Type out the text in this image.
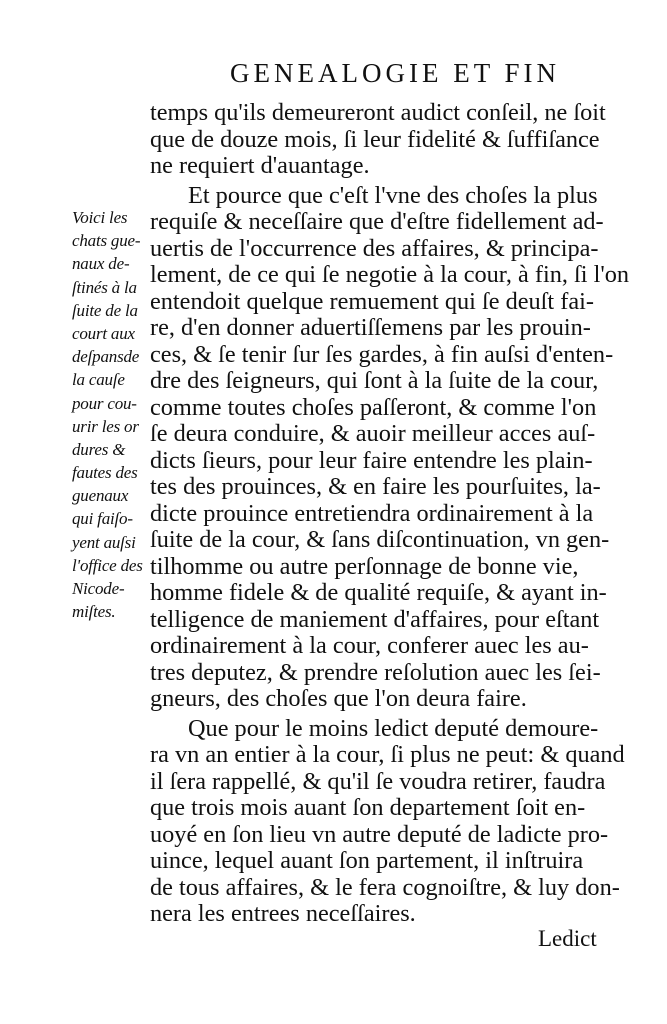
GENEALOGIE ET FIN
Voici les
chats gue-
naux de-
ſtinés à la
ſuite de la
court aux
deſpansde
la cauſe
pour cou-
urir les or
dures &
fautes des
guenaux
qui faiſo-
yent auſsi
l'office des
Nicode-
miſtes.
temps qu'ils demeureront audict conſeil, ne ſoit
que de douze mois, ſi leur fidelité & ſuffiſance
ne requiert d'auantage.
Et pource que c'eſt l'vne des choſes la plus
requiſe & neceſſaire que d'eſtre fidellement ad-
uertis de l'occurrence des affaires, & principa-
lement, de ce qui ſe negotie à la cour, à fin, ſi l'on
entendoit quelque remuement qui ſe deuſt fai-
re, d'en donner aduertiſſemens par les prouin-
ces, & ſe tenir ſur ſes gardes, à fin auſsi d'enten-
dre des ſeigneurs, qui ſont à la ſuite de la cour,
comme toutes choſes paſſeront, & comme l'on
ſe deura conduire, & auoir meilleur acces auſ-
dicts ſieurs, pour leur faire entendre les plain-
tes des prouinces, & en faire les pourſuites, la-
dicte prouince entretiendra ordinairement à la
ſuite de la cour, & ſans diſcontinuation, vn gen-
tilhomme ou autre perſonnage de bonne vie,
homme fidele & de qualité requiſe, & ayant in-
telligence de maniement d'affaires, pour eſtant
ordinairement à la cour, conferer auec les au-
tres deputez, & prendre reſolution auec les ſei-
gneurs, des choſes que l'on deura faire.
Que pour le moins ledict deputé demoure-
ra vn an entier à la cour, ſi plus ne peut: & quand
il ſera rappellé, & qu'il ſe voudra retirer, faudra
que trois mois auant ſon departement ſoit en-
uoyé en ſon lieu vn autre deputé de ladicte pro-
uince, lequel auant ſon partement, il inſtruira
de tous affaires, & le fera cognoiſtre, & luy don-
nera les entrees neceſſaires.
Ledict
